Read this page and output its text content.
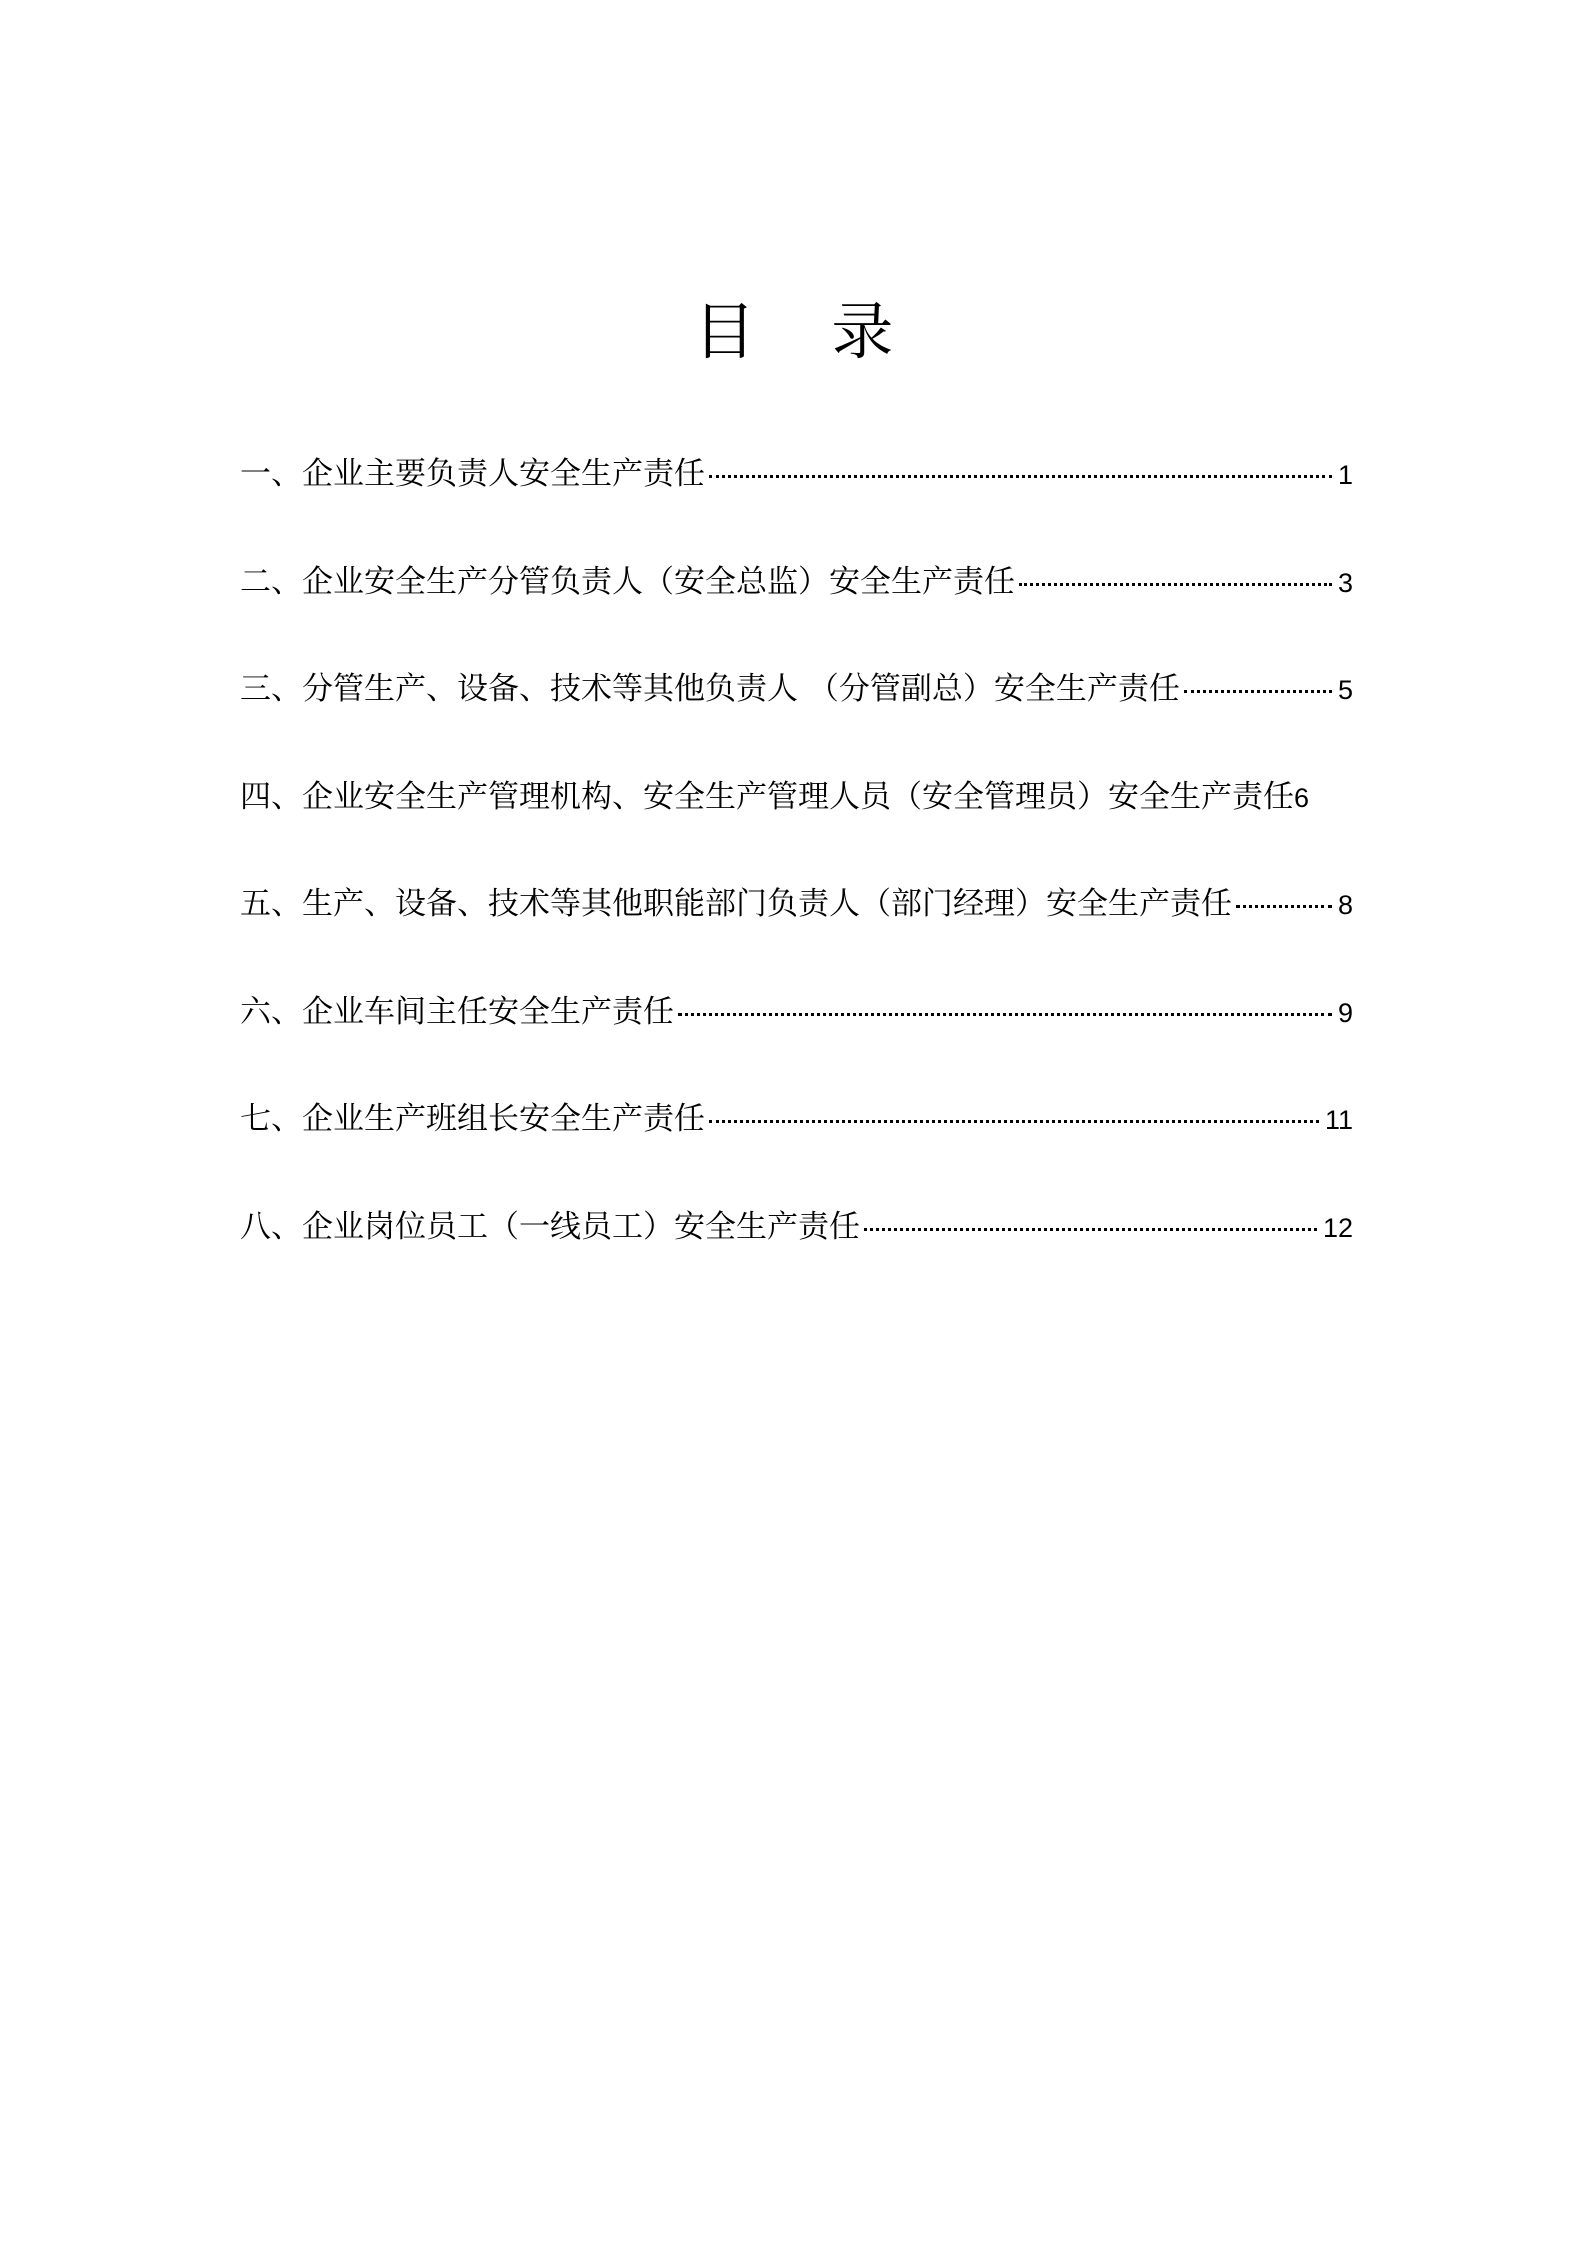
目 录
一、企业主要负责人安全生产责任	1
二、企业安全生产分管负责人（安全总监）安全生产责任	3
三、分管生产、设备、技术等其他负责人 （分管副总）安全生产责任	5
四、企业安全生产管理机构、安全生产管理人员（安全管理员）安全生产责任 6
五、生产、设备、技术等其他职能部门负责人（部门经理）安全生产责任	8
六、企业车间主任安全生产责任	9
七、企业生产班组长安全生产责任	11
八、企业岗位员工（一线员工）安全生产责任	12
